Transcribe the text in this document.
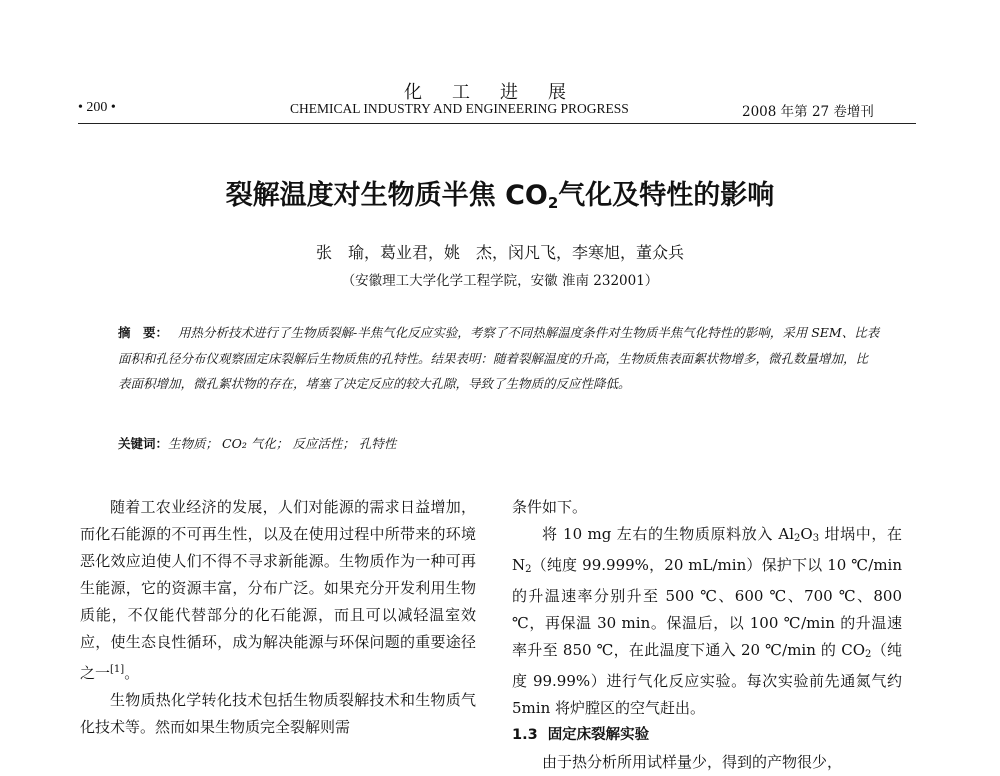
化工进展
• 200 •	CHEMICAL INDUSTRY AND ENGINEERING PROGRESS	2008 年第 27 卷增刊
裂解温度对生物质半焦 $CO_2$气化及特性的影响
张　瑜，葛业君，姚　杰，闵凡飞，李寒旭，董众兵
（安徽理工大学化学工程学院，安徽 淮南 232001）
摘　要： 用热分析技术进行了生物质裂解-半焦气化反应实验，考察了不同热解温度条件对生物质半焦气化特性的影响，采用 SEM、比表面积和孔径分布仪观察固定床裂解后生物质焦的孔特性。结果表明：随着裂解温度的升高，生物质焦表面絮状物增多，微孔数量增加，比表面积增加，微孔絮状物的存在，堵塞了决定反应的较大孔隙，导致了生物质的反应性降低。
关键词：生物质； CO₂ 气化； 反应活性； 孔特性

随着工农业经济的发展，人们对能源的需求日益增加，而化石能源的不可再生性，以及在使用过程中所带来的环境恶化效应迫使人们不得不寻求新能源。生物质作为一种可再生能源，它的资源丰富，分布广泛。如果充分开发利用生物质能，不仅能代替部分的化石能源，而且可以减轻温室效应，使生态良性循环，成为解决能源与环保问题的重要途径之一[1]。

生物质热化学转化技术包括生物质裂解技术和生物质气化技术等。然而如果生物质完全裂解则需

条件如下。

将 10 mg 左右的生物质原料放入 $Al_2O_3$ 坩埚中，在 $N_2$（纯度 99.999%，20 mL/min）保护下以 10 ℃/min 的升温速率分别升至 500 ℃、600 ℃、700 ℃、800 ℃，再保温 30 min。保温后，以 100 ℃/min 的升温速率升至 850 ℃，在此温度下通入 20 ℃/min 的 $CO_2$（纯度 99.99%）进行气化反应实验。每次实验前先通氮气约 5min 将炉膛区的空气赶出。

1.3 固定床裂解实验

由于热分析所用试样量少，得到的产物很少，
